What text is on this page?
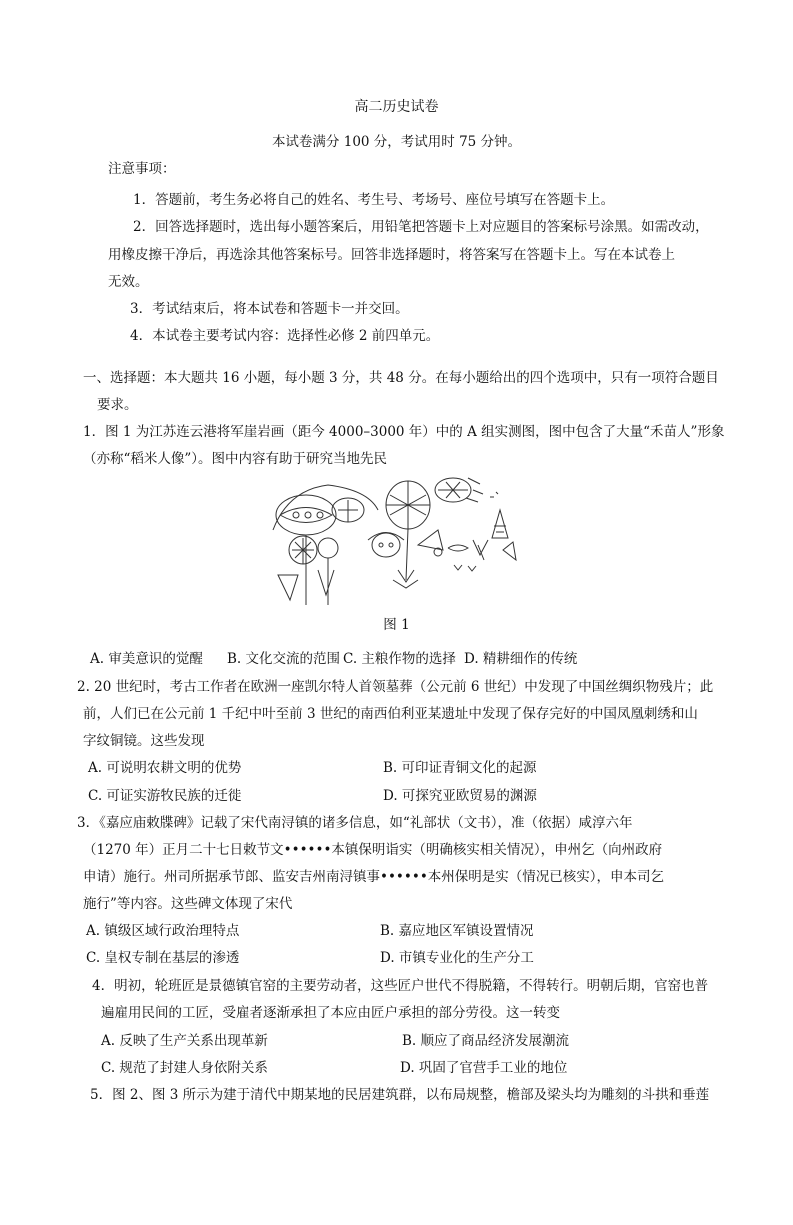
高二历史试卷
本试卷满分 100 分，考试用时 75 分钟。
注意事项：
1．答题前，考生务必将自己的姓名、考生号、考场号、座位号填写在答题卡上。
2．回答选择题时，选出每小题答案后，用铅笔把答题卡上对应题目的答案标号涂黑。如需改动，
用橡皮擦干净后，再选涂其他答案标号。回答非选择题时，将答案写在答题卡上。写在本试卷上
无效。
3．考试结束后，将本试卷和答题卡一并交回。
4．本试卷主要考试内容：选择性必修 2 前四单元。
一、选择题：本大题共 16 小题，每小题 3 分，共 48 分。在每小题给出的四个选项中，只有一项符合题目
要求。
1．图 1 为江苏连云港将军崖岩画（距今 4000–3000 年）中的 A 组实测图，图中包含了大量“禾苗人”形象
（亦称“稻米人像”）。图中内容有助于研究当地先民
图 1
A. 审美意识的觉醒 B. 文化交流的范围 C. 主粮作物的选择 D. 精耕细作的传统
2. 20 世纪时，考古工作者在欧洲一座凯尔特人首领墓葬（公元前 6 世纪）中发现了中国丝绸织物残片；此
前，人们已在公元前 1 千纪中叶至前 3 世纪的南西伯利亚某遗址中发现了保存完好的中国凤凰刺绣和山
字纹铜镜。这些发现
A. 可说明农耕文明的优势	B. 可印证青铜文化的起源
C. 可证实游牧民族的迁徙	D. 可探究亚欧贸易的渊源
3．《嘉应庙敕牒碑》记载了宋代南浔镇的诸多信息，如“礼部状（文书），准（依据）咸淳六年
（1270 年）正月二十七日敕节文••••••本镇保明诣实（明确核实相关情况），申州乞（向州政府
申请）施行。州司所据承节郎、监安吉州南浔镇事••••••本州保明是实（情况已核实），申本司乞
施行”等内容。这些碑文体现了宋代
A. 镇级区域行政治理特点	B. 嘉应地区军镇设置情况
C. 皇权专制在基层的渗透	D. 市镇专业化的生产分工
4．明初，轮班匠是景德镇官窑的主要劳动者，这些匠户世代不得脱籍，不得转行。明朝后期，官窑也普
遍雇用民间的工匠，受雇者逐渐承担了本应由匠户承担的部分劳役。这一转变
A. 反映了生产关系出现革新	B. 顺应了商品经济发展潮流
C. 规范了封建人身依附关系	D. 巩固了官营手工业的地位
5．图 2、图 3 所示为建于清代中期某地的民居建筑群，以布局规整，檐部及梁头均为雕刻的斗拱和垂莲
